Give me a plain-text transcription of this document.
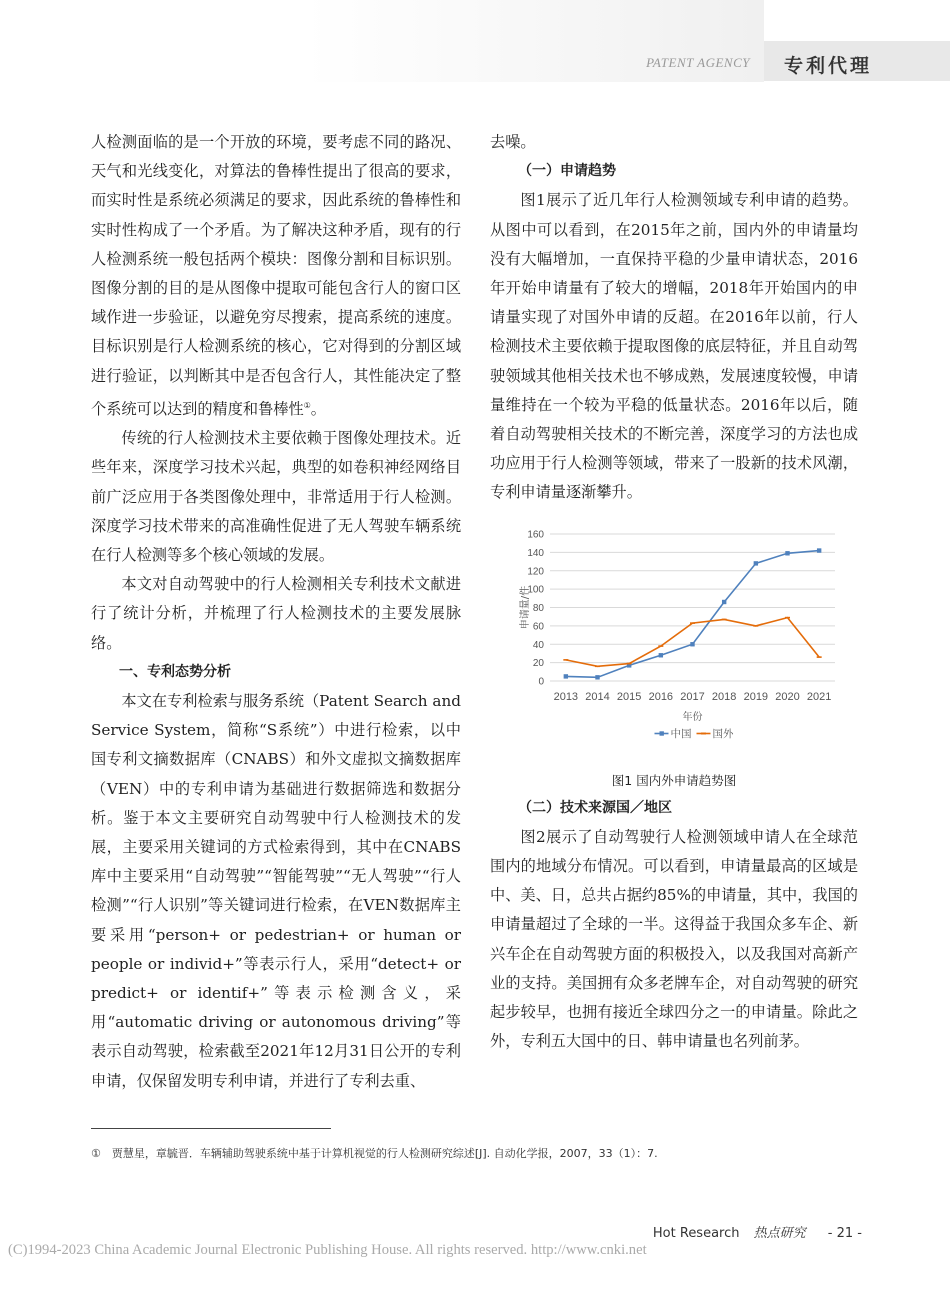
PATENT AGENCY 专利代理

人检测面临的是一个开放的环境，要考虑不同的路况、天气和光线变化，对算法的鲁棒性提出了很高的要求，而实时性是系统必须满足的要求，因此系统的鲁棒性和实时性构成了一个矛盾。为了解决这种矛盾，现有的行人检测系统一般包括两个模块：图像分割和目标识别。图像分割的目的是从图像中提取可能包含行人的窗口区域作进一步验证，以避免穷尽搜索，提高系统的速度。目标识别是行人检测系统的核心，它对得到的分割区域进行验证，以判断其中是否包含行人，其性能决定了整个系统可以达到的精度和鲁棒性①。

传统的行人检测技术主要依赖于图像处理技术。近些年来，深度学习技术兴起，典型的如卷积神经网络目前广泛应用于各类图像处理中，非常适用于行人检测。深度学习技术带来的高准确性促进了无人驾驶车辆系统在行人检测等多个核心领域的发展。

本文对自动驾驶中的行人检测相关专利技术文献进行了统计分析，并梳理了行人检测技术的主要发展脉络。

一、专利态势分析

本文在专利检索与服务系统（Patent Search and Service System，简称“S系统”）中进行检索，以中国专利文摘数据库（CNABS）和外文虚拟文摘数据库（VEN）中的专利申请为基础进行数据筛选和数据分析。鉴于本文主要研究自动驾驶中行人检测技术的发展，主要采用关键词的方式检索得到，其中在CNABS库中主要采用“自动驾驶”“智能驾驶”“无人驾驶”“行人检测”“行人识别”等关键词进行检索，在VEN数据库主要采用“person+ or pedestrian+ or human or people or individ+”等表示行人，采用“detect+ or predict+ or identif+”等表示检测含义，采用“automatic driving or autonomous driving”等表示自动驾驶，检索截至2021年12月31日公开的专利申请，仅保留发明专利申请，并进行了专利去重、

去噪。

（一）申请趋势

图1展示了近几年行人检测领域专利申请的趋势。从图中可以看到，在2015年之前，国内外的申请量均没有大幅增加，一直保持平稳的少量申请状态，2016年开始申请量有了较大的增幅，2018年开始国内的申请量实现了对国外申请的反超。在2016年以前，行人检测技术主要依赖于提取图像的底层特征，并且自动驾驶领域其他相关技术也不够成熟，发展速度较慢，申请量维持在一个较为平稳的低量状态。2016年以后，随着自动驾驶相关技术的不断完善，深度学习的方法也成功应用于行人检测等领域，带来了一股新的技术风潮，专利申请量逐渐攀升。

0
20
40
60
80
100
120
140
160
2013 2014 2015 2016 2017 2018 2019 2020 2021
申请量/件
年份
中国 国外

图1 国内外申请趋势图

（二）技术来源国／地区

图2展示了自动驾驶行人检测领域申请人在全球范围内的地域分布情况。可以看到，申请量最高的区域是中、美、日，总共占据约85%的申请量，其中，我国的申请量超过了全球的一半。这得益于我国众多车企、新兴车企在自动驾驶方面的积极投入，以及我国对高新产业的支持。美国拥有众多老牌车企，对自动驾驶的研究起步较早，也拥有接近全球四分之一的申请量。除此之外，专利五大国中的日、韩申请量也名列前茅。

①　贾慧星，章毓晋．车辆辅助驾驶系统中基于计算机视觉的行人检测研究综述[J]. 自动化学报，2007，33（1）：7.
Hot Research 热点研究 - 21 -
(C)1994-2023 China Academic Journal Electronic Publishing House. All rights reserved. http://www.cnki.net
